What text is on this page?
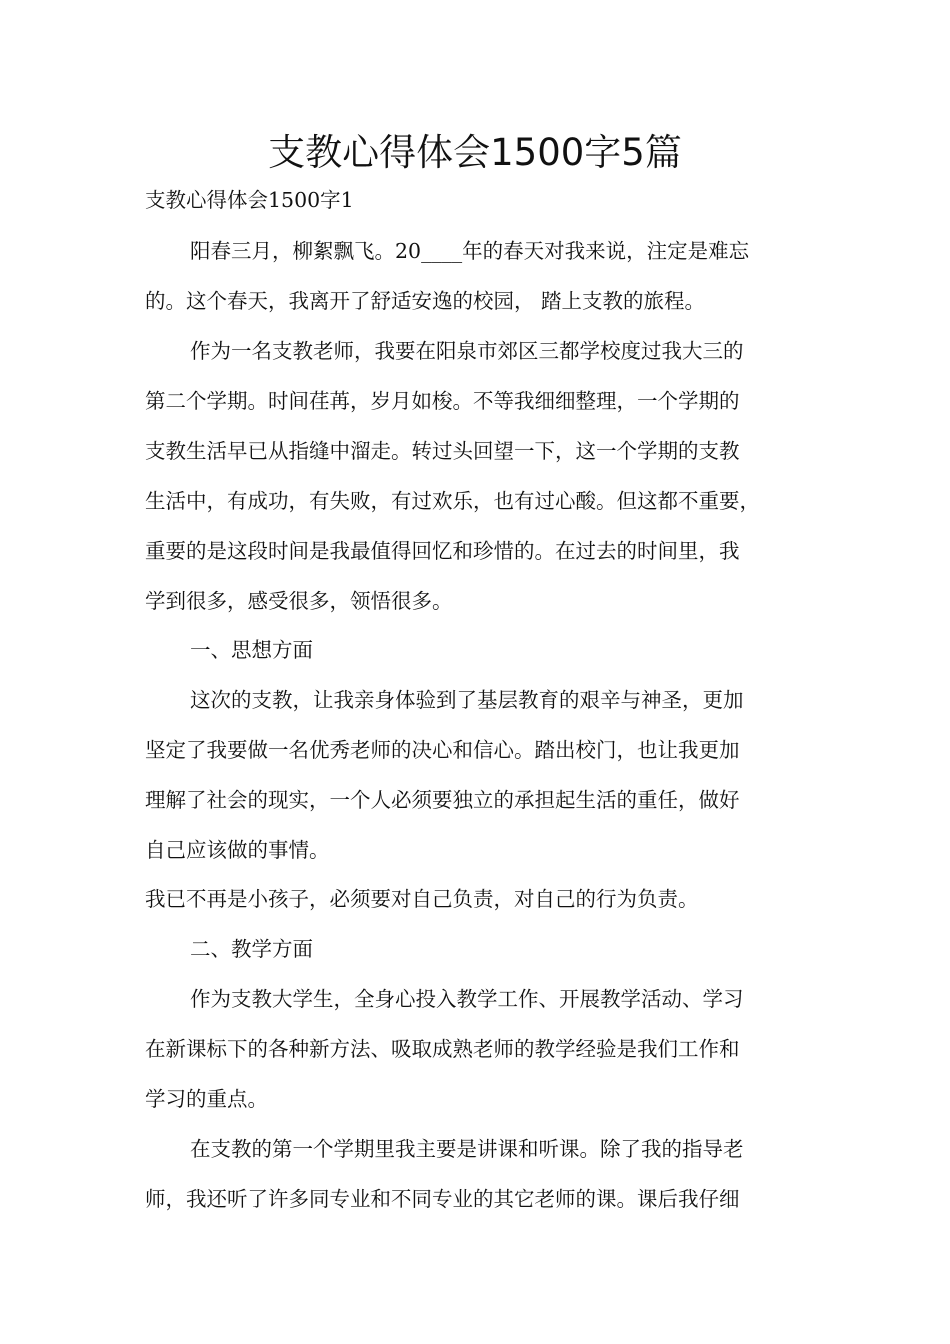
支教心得体会1500字5篇
支教心得体会1500字1
阳春三月，柳絮飘飞。20____年的春天对我来说，注定是难忘
的。这个春天，我离开了舒适安逸的校园， 踏上支教的旅程。
作为一名支教老师，我要在阳泉市郊区三都学校度过我大三的
第二个学期。时间荏苒，岁月如梭。不等我细细整理，一个学期的
支教生活早已从指缝中溜走。转过头回望一下，这一个学期的支教
生活中，有成功，有失败，有过欢乐，也有过心酸。但这都不重要，
重要的是这段时间是我最值得回忆和珍惜的。在过去的时间里，我
学到很多，感受很多，领悟很多。
一、思想方面
这次的支教，让我亲身体验到了基层教育的艰辛与神圣，更加
坚定了我要做一名优秀老师的决心和信心。踏出校门，也让我更加
理解了社会的现实，一个人必须要独立的承担起生活的重任，做好
自己应该做的事情。
我已不再是小孩子，必须要对自己负责，对自己的行为负责。
二、教学方面
作为支教大学生，全身心投入教学工作、开展教学活动、学习
在新课标下的各种新方法、吸取成熟老师的教学经验是我们工作和
学习的重点。
在支教的第一个学期里我主要是讲课和听课。除了我的指导老
师，我还听了许多同专业和不同专业的其它老师的课。课后我仔细
